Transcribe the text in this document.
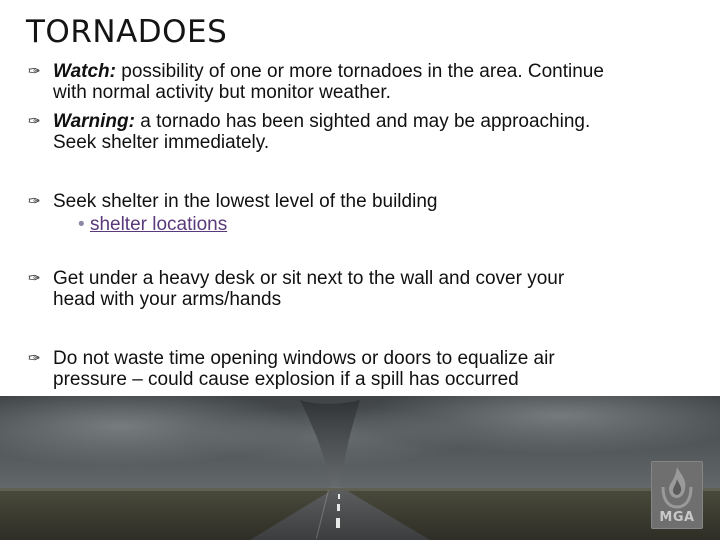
TORNADOES
✑ Watch: possibility of one or more tornadoes in the area. Continue
with normal activity but monitor weather.
✑ Warning: a tornado has been sighted and may be approaching.
Seek shelter immediately.
✑ Seek shelter in the lowest level of the building
• shelter locations
✑ Get under a heavy desk or sit next to the wall and cover your
head with your arms/hands
✑ Do not waste time opening windows or doors to equalize air
pressure – could cause explosion if a spill has occurred
MGA
